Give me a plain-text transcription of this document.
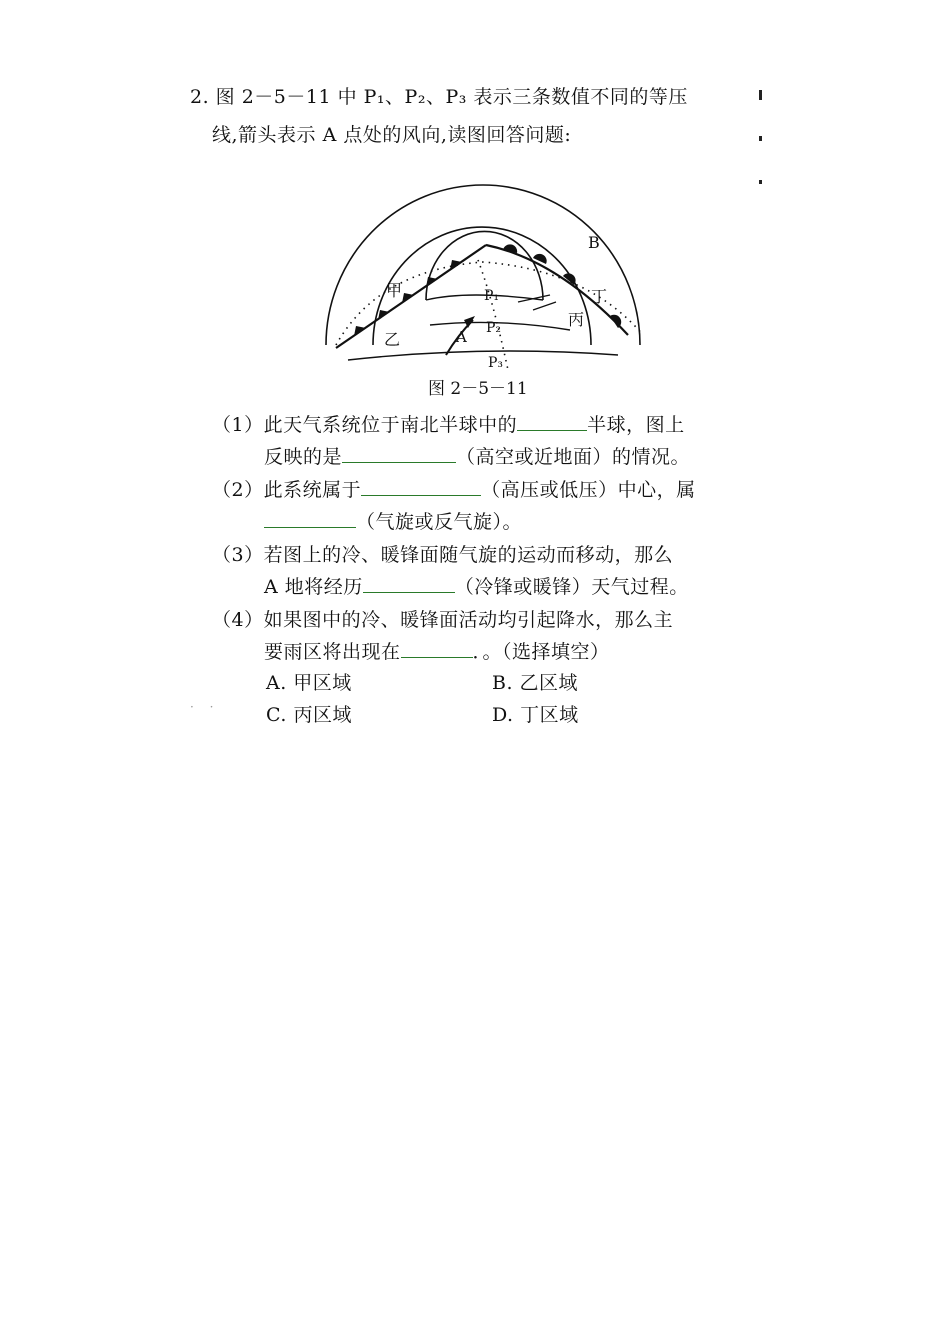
2. 图 2－5－11 中 P₁、P₂、P₃ 表示三条数值不同的等压
线,箭头表示 A 点处的风向,读图回答问题:
B
甲
乙
丙
丁
A
P₁
P₂
P₃
图 2－5－11
（1）此天气系统位于南北半球中的	半球，图上
反映的是	（高空或近地面）的情况。
（2）此系统属于	（高压或低压）中心，属
（气旋或反气旋）。
（3）若图上的冷、暖锋面随气旋的运动而移动，那么
A 地将经历	（冷锋或暖锋）天气过程。
（4）如果图中的冷、暖锋面活动均引起降水，那么主
要雨区将出现在	．。（选择填空）
A. 甲区域	B. 乙区域
C. 丙区域	D. 丁区域
· ·
